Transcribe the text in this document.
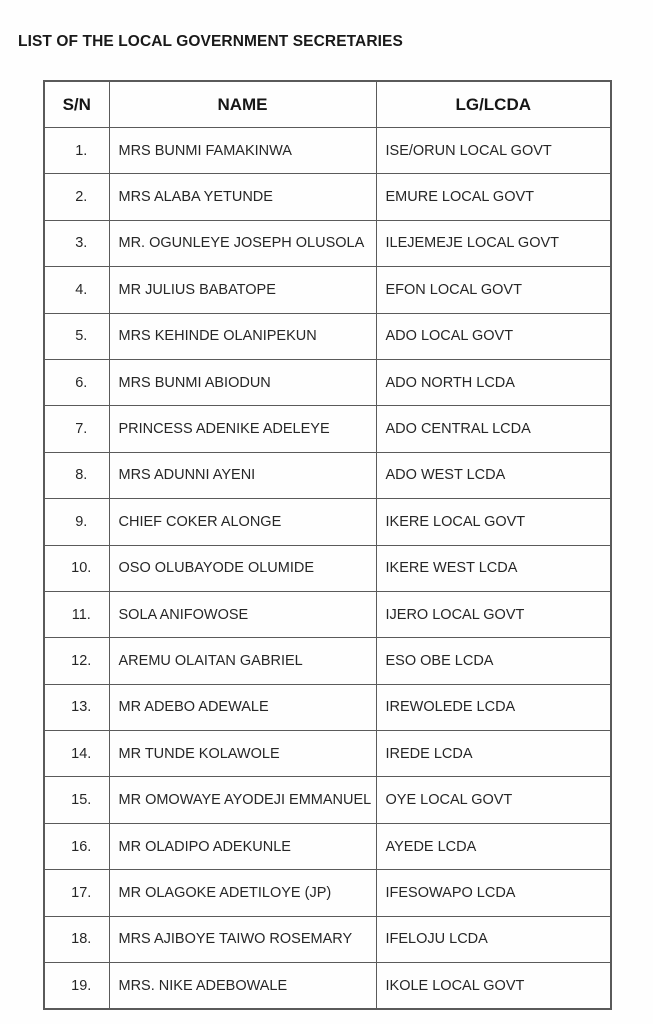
LIST OF THE LOCAL GOVERNMENT SECRETARIES
S/N	NAME	LG/LCDA
1.	MRS BUNMI FAMAKINWA	ISE/ORUN LOCAL GOVT
2.	MRS ALABA YETUNDE	EMURE LOCAL GOVT
3.	MR. OGUNLEYE JOSEPH OLUSOLA	ILEJEMEJE LOCAL GOVT
4.	MR JULIUS BABATOPE	EFON LOCAL GOVT
5.	MRS KEHINDE OLANIPEKUN	ADO LOCAL GOVT
6.	MRS BUNMI ABIODUN	ADO NORTH LCDA
7.	PRINCESS ADENIKE ADELEYE	ADO CENTRAL LCDA
8.	MRS ADUNNI AYENI	ADO WEST LCDA
9.	CHIEF COKER ALONGE	IKERE LOCAL GOVT
10.	OSO OLUBAYODE OLUMIDE	IKERE WEST LCDA
11.	SOLA ANIFOWOSE	IJERO LOCAL GOVT
12.	AREMU OLAITAN GABRIEL	ESO OBE LCDA
13.	MR ADEBO ADEWALE	IREWOLEDE LCDA
14.	MR TUNDE KOLAWOLE	IREDE LCDA
15.	MR OMOWAYE AYODEJI EMMANUEL	OYE LOCAL GOVT
16.	MR OLADIPO ADEKUNLE	AYEDE LCDA
17.	MR OLAGOKE ADETILOYE (JP)	IFESOWAPO LCDA
18.	MRS AJIBOYE TAIWO ROSEMARY	IFELOJU LCDA
19.	MRS. NIKE ADEBOWALE	IKOLE LOCAL GOVT
